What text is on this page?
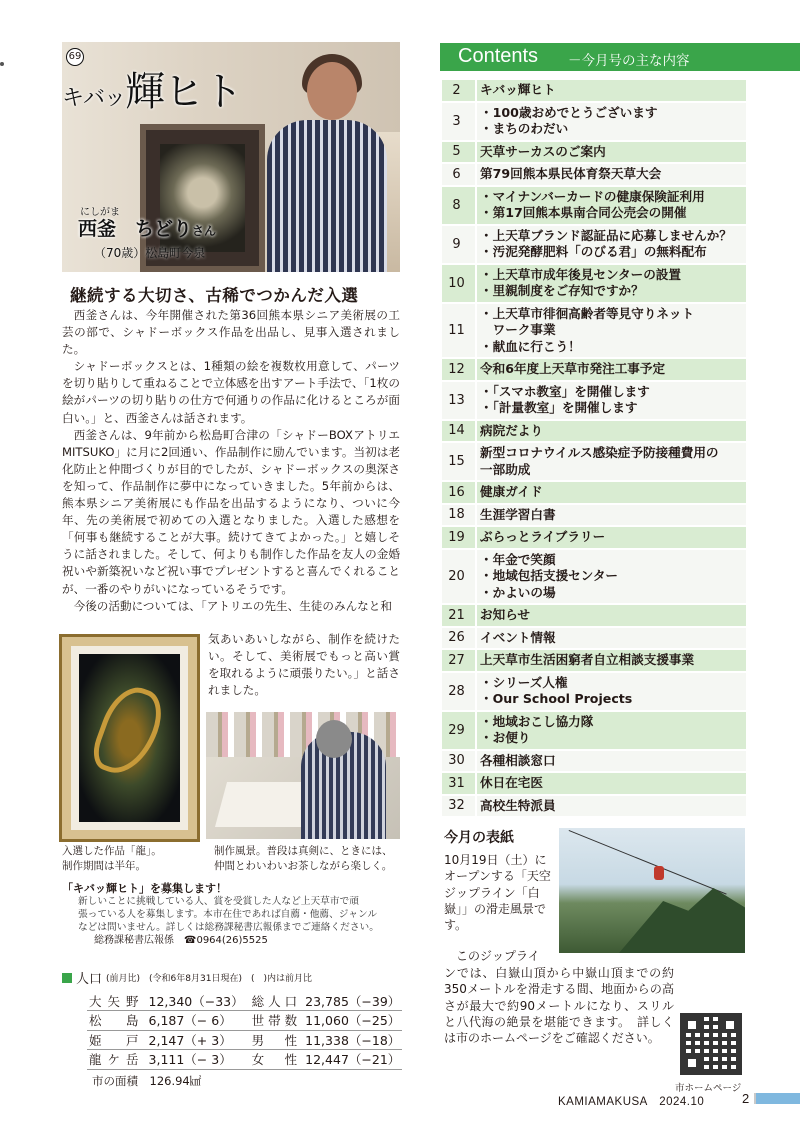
69
キバッ輝ヒト
にしがま
西釜　ちどりさん
（70歳）松島町今泉
継続する大切さ、古稀でつかんだ入選

西釜さんは、今年開催された第36回熊本県シニア美術展の工芸の部で、シャドーボックス作品を出品し、見事入選されました。

シャドーボックスとは、1種類の絵を複数枚用意して、パーツを切り貼りして重ねることで立体感を出すアート手法で、「1枚の絵がパーツの切り貼りの仕方で何通りの作品に化けるところが面白い。」と、西釜さんは話されます。

西釜さんは、9年前から松島町合津の「シャドーBOXアトリエMITSUKO」に月に2回通い、作品制作に励んでいます。当初は老化防止と仲間づくりが目的でしたが、シャドーボックスの奥深さを知って、作品制作に夢中になっていきました。5年前からは、熊本県シニア美術展にも作品を出品するようになり、ついに今年、先の美術展で初めての入選となりました。入選した感想を「何事も継続することが大事。続けてきてよかった。」と嬉しそうに話されました。そして、何よりも制作した作品を友人の金婚祝いや新築祝いなど祝い事でプレゼントすると喜んでくれることが、一番のやりがいになっているそうです。

今後の活動については、「アトリエの先生、生徒のみんなと和

気あいあいしながら、制作を続けたい。そして、美術展でもっと高い賞を取れるように頑張りたい。」と話されました。
入選した作品「龍」。
制作期間は半年。
制作風景。普段は真剣に、ときには、
仲間とわいわいお茶しながら楽しく。
「キバッ輝ヒト」を募集します！
新しいことに挑戦している人、賞を受賞した人など上天草市で頑
張っている人を募集します。本市在住であれば自薦・他薦、ジャンル
などは問いません。詳しくは総務課秘書広報係までご連絡ください。
総務課秘書広報係　☎0964(26)5525
人口 (前月比)　(令和6年8月31日現在)　(　)内は前月比
大矢野	12,340（−33）	総人口	23,785（−39）
松　島	6,187（− 6）	世帯数	11,060（−25）
姫　戸	2,147（+ 3）	男　性	11,338（−18）
龍ケ岳	3,111（− 3）	女　性	12,447（−21）
市の面積　126.94㎢
Contents －今月号の主な内容
2	キバッ輝ヒト
3
・100歳おめでとうございます
・まちのわだい
5	天草サーカスのご案内
6	第79回熊本県民体育祭天草大会
8
・マイナンバーカードの健康保険証利用
・第17回熊本県南合同公売会の開催
9
・上天草ブランド認証品に応募しませんか？
・汚泥発酵肥料「のびる君」の無料配布
10
・上天草市成年後見センターの設置
・里親制度をご存知ですか？
11
・上天草市徘徊高齢者等見守りネット
　ワーク事業
・献血に行こう！
12	令和6年度上天草市発注工事予定
13
・「スマホ教室」を開催します
・「計量教室」を開催します
14	病院だより
15
新型コロナウイルス感染症予防接種費用の
一部助成
16	健康ガイド
18	生涯学習白書
19	ぶらっとライブラリー
20
・年金で笑顔
・地域包括支援センター
・かよいの場
21	お知らせ
26	イベント情報
27	上天草市生活困窮者自立相談支援事業
28
・シリーズ人権
・Our School Projects
29
・地域おこし協力隊
・お便り
30	各種相談窓口
31	休日在宅医
32	高校生特派員
今月の表紙
10月19日（土）にオープンする「天空ジップライン「白嶽」」の滑走風景です。
このジップライ
ンでは、白嶽山頂から中嶽山頂までの約350メートルを滑走する間、地面からの高さが最大で約90メートルになり、スリルと八代海の絶景を堪能できます。　詳しくは市のホームページをご確認ください。
市ホームページ
KAMIAMAKUSA　2024.10	2
